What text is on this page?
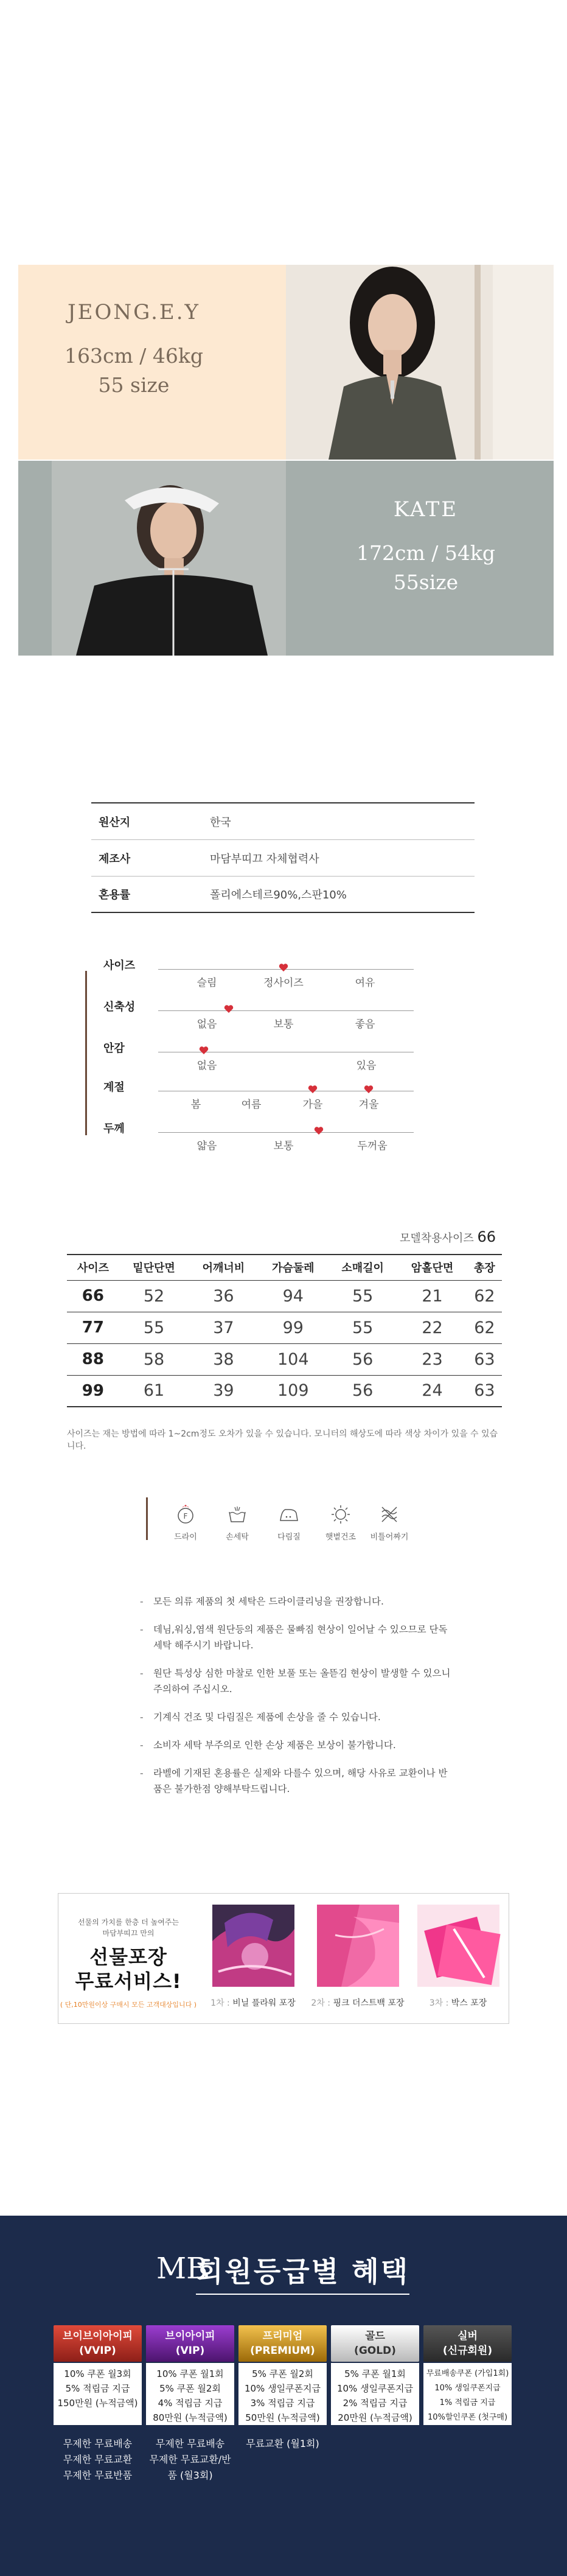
JEONG.E.Y
163cm / 46kg
55 size
KATE
172cm / 54kg
55size
원산지	한국
제조사	마담부띠끄 자체협력사
혼용률	폴리에스테르90%,스판10%
사이즈
슬림	정사이즈	여유
신축성
없음	보통	좋음
안감
없음	있음
계절
봄	여름	가을	겨울
두께
얇음	보통	두꺼움
모델착용사이즈 66
사이즈	밑단단면	어깨너비	가슴둘레	소매길이	암홀단면	총장
66	52	36	94	55	21	62
77	55	37	99	55	22	62
88	58	38	104	56	23	63
99	61	39	109	56	24	63
사이즈는 재는 방법에 따라 1~2cm정도 오차가 있을 수 있습니다. 모니터의 해상도에 따라 색상 차이가 있을 수 있습니다.
F
드라이	손세탁	다림질	햇볕건조	비틀어짜기
- 모든 의류 제품의 첫 세탁은 드라이클리닝을 권장합니다.
- 데님,워싱,염색 원단등의 제품은 물빠짐 현상이 일어날 수 있으므로 단독 세탁 해주시기 바랍니다.
- 원단 특성상 심한 마찰로 인한 보풀 또는 올뜯김 현상이 발생할 수 있으니 주의하여 주십시오.
- 기계식 건조 및 다림질은 제품에 손상을 줄 수 있습니다.
- 소비자 세탁 부주의로 인한 손상 제품은 보상이 불가합니다.
- 라벨에 기재된 혼용률은 실제와 다를수 있으며, 해당 사유로 교환이나 반품은 불가한점 양해부탁드립니다.
선물의 가치를 한층 더 높여주는
마담부띠끄 만의
선물포장
무료서비스!
( 단,10만원이상 구매시 모든 고객대상입니다 )	1차 : 비닐 플라워 포장	2차 : 핑크 더스트백 포장	3차 : 박스 포장
MB
회원등급별 혜택
브이브이아이피
(VVIP)
10% 쿠폰 월3회
5% 적립금 지급
150만원 (누적금액)
무제한 무료배송
무제한 무료교환
무제한 무료반품
브이아이피
(VIP)
10% 쿠폰 월1회
5% 쿠폰 월2회
4% 적립금 지급
80만원 (누적금액)
무제한 무료배송
무제한 무료교환/반품 (월3회)
프리미엄
(PREMIUM)
5% 쿠폰 월2회
10% 생일쿠폰지급
3% 적립금 지급
50만원 (누적금액)
무료교환 (월1회)
골드
(GOLD)
5% 쿠폰 월1회
10% 생일쿠폰지급
2% 적립금 지급
20만원 (누적금액)
실버
(신규회원)
무료배송쿠폰 (가입1회)
10% 생일쿠폰지급
1% 적립금 지급
10%할인쿠폰 (첫구매)
